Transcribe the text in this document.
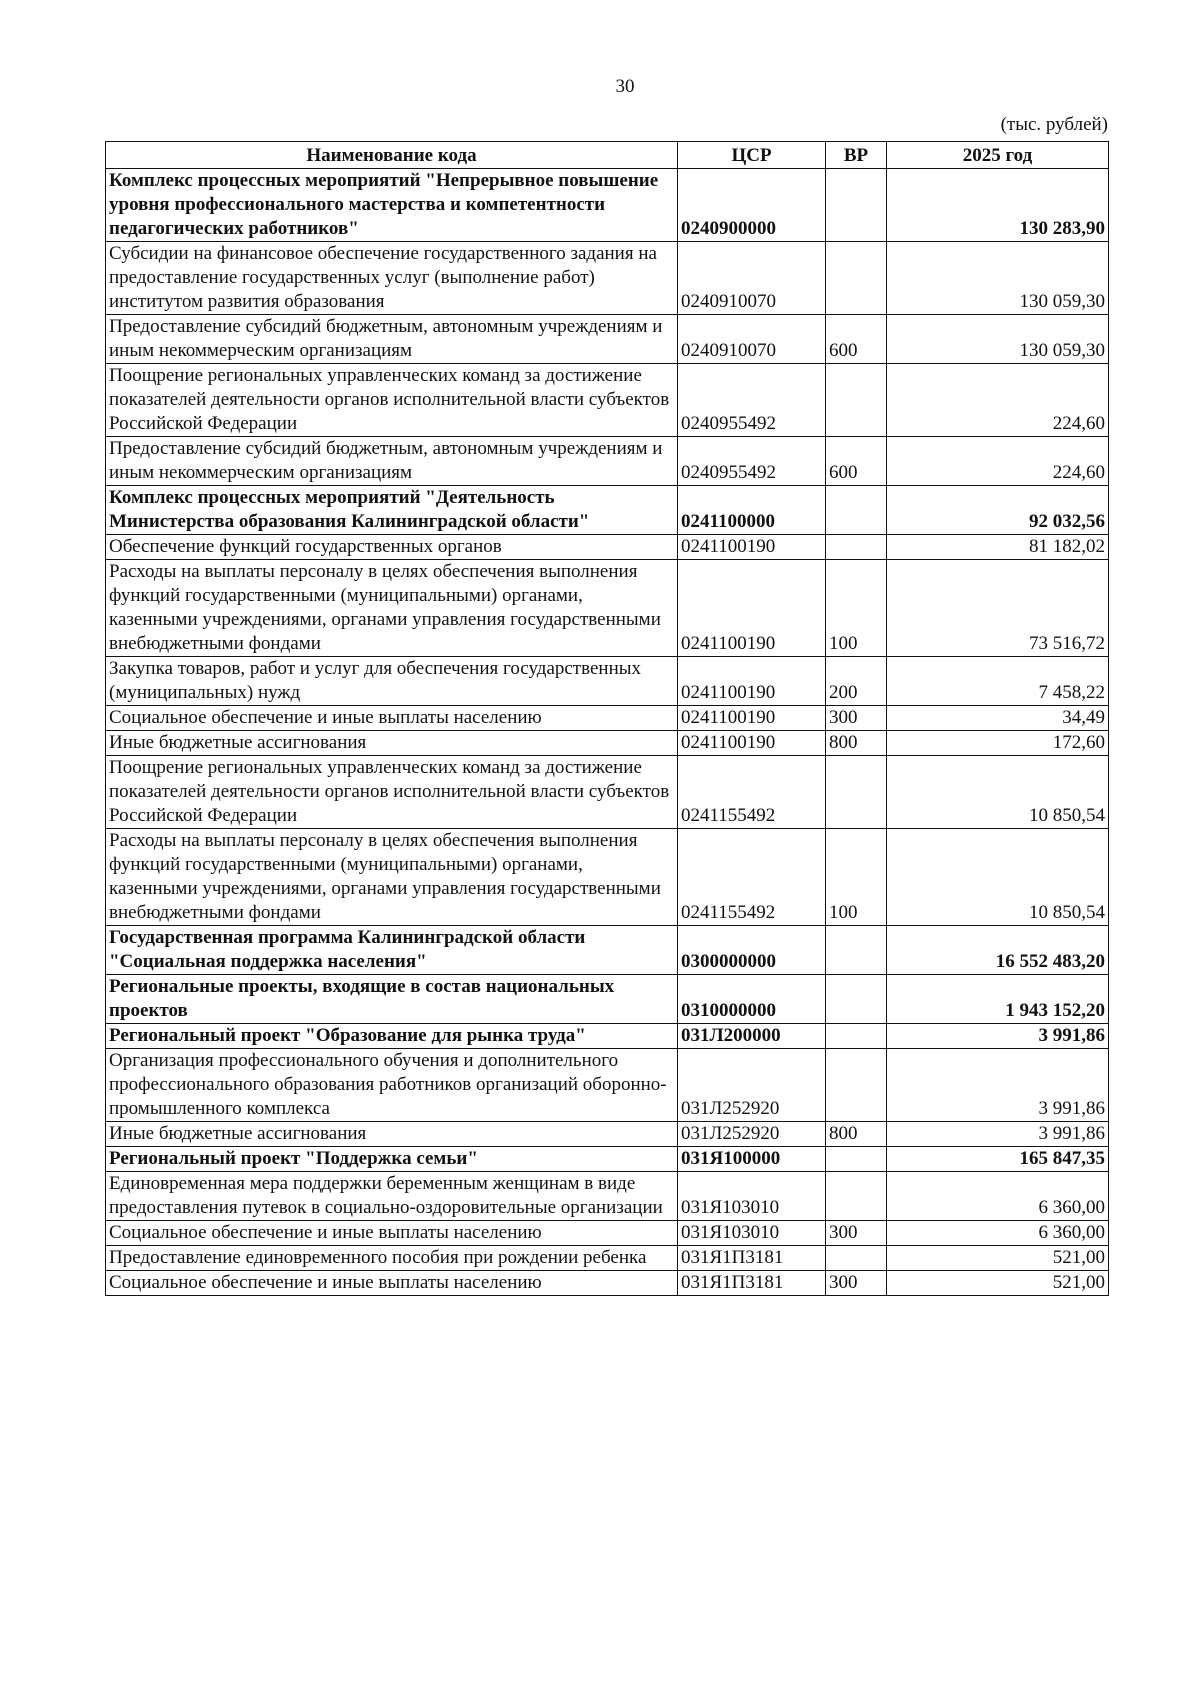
30
(тыс. рублей)
Наименование кода	ЦСР	ВР	2025 год
Комплекс процессных мероприятий "Непрерывное повышение уровня профессионального мастерства и компетентности педагогических работников"	0240900000		130 283,90
Субсидии на финансовое обеспечение государственного задания на предоставление государственных услуг (выполнение работ) институтом развития образования	0240910070		130 059,30
Предоставление субсидий бюджетным, автономным учреждениям и иным некоммерческим организациям	0240910070	600	130 059,30
Поощрение региональных управленческих команд за достижение показателей деятельности органов исполнительной власти субъектов Российской Федерации	0240955492		224,60
Предоставление субсидий бюджетным, автономным учреждениям и иным некоммерческим организациям	0240955492	600	224,60
Комплекс процессных мероприятий "Деятельность Министерства образования Калининградской области"	0241100000		92 032,56
Обеспечение функций государственных органов	0241100190		81 182,02
Расходы на выплаты персоналу в целях обеспечения выполнения функций государственными (муниципальными) органами, казенными учреждениями, органами управления государственными внебюджетными фондами	0241100190	100	73 516,72
Закупка товаров, работ и услуг для обеспечения государственных (муниципальных) нужд	0241100190	200	7 458,22
Социальное обеспечение и иные выплаты населению	0241100190	300	34,49
Иные бюджетные ассигнования	0241100190	800	172,60
Поощрение региональных управленческих команд за достижение показателей деятельности органов исполнительной власти субъектов Российской Федерации	0241155492		10 850,54
Расходы на выплаты персоналу в целях обеспечения выполнения функций государственными (муниципальными) органами, казенными учреждениями, органами управления государственными внебюджетными фондами	0241155492	100	10 850,54
Государственная программа Калининградской области "Социальная поддержка населения"	0300000000		16 552 483,20
Региональные проекты, входящие в состав национальных проектов	0310000000		1 943 152,20
Региональный проект "Образование для рынка труда"	031Л200000		3 991,86
Организация профессионального обучения и дополнительного профессионального образования работников организаций оборонно-промышленного комплекса	031Л252920		3 991,86
Иные бюджетные ассигнования	031Л252920	800	3 991,86
Региональный проект "Поддержка семьи"	031Я100000		165 847,35
Единовременная мера поддержки беременным женщинам в виде предоставления путевок в социально-оздоровительные организации	031Я103010		6 360,00
Социальное обеспечение и иные выплаты населению	031Я103010	300	6 360,00
Предоставление единовременного пособия при рождении ребенка	031Я1П3181		521,00
Социальное обеспечение и иные выплаты населению	031Я1П3181	300	521,00
